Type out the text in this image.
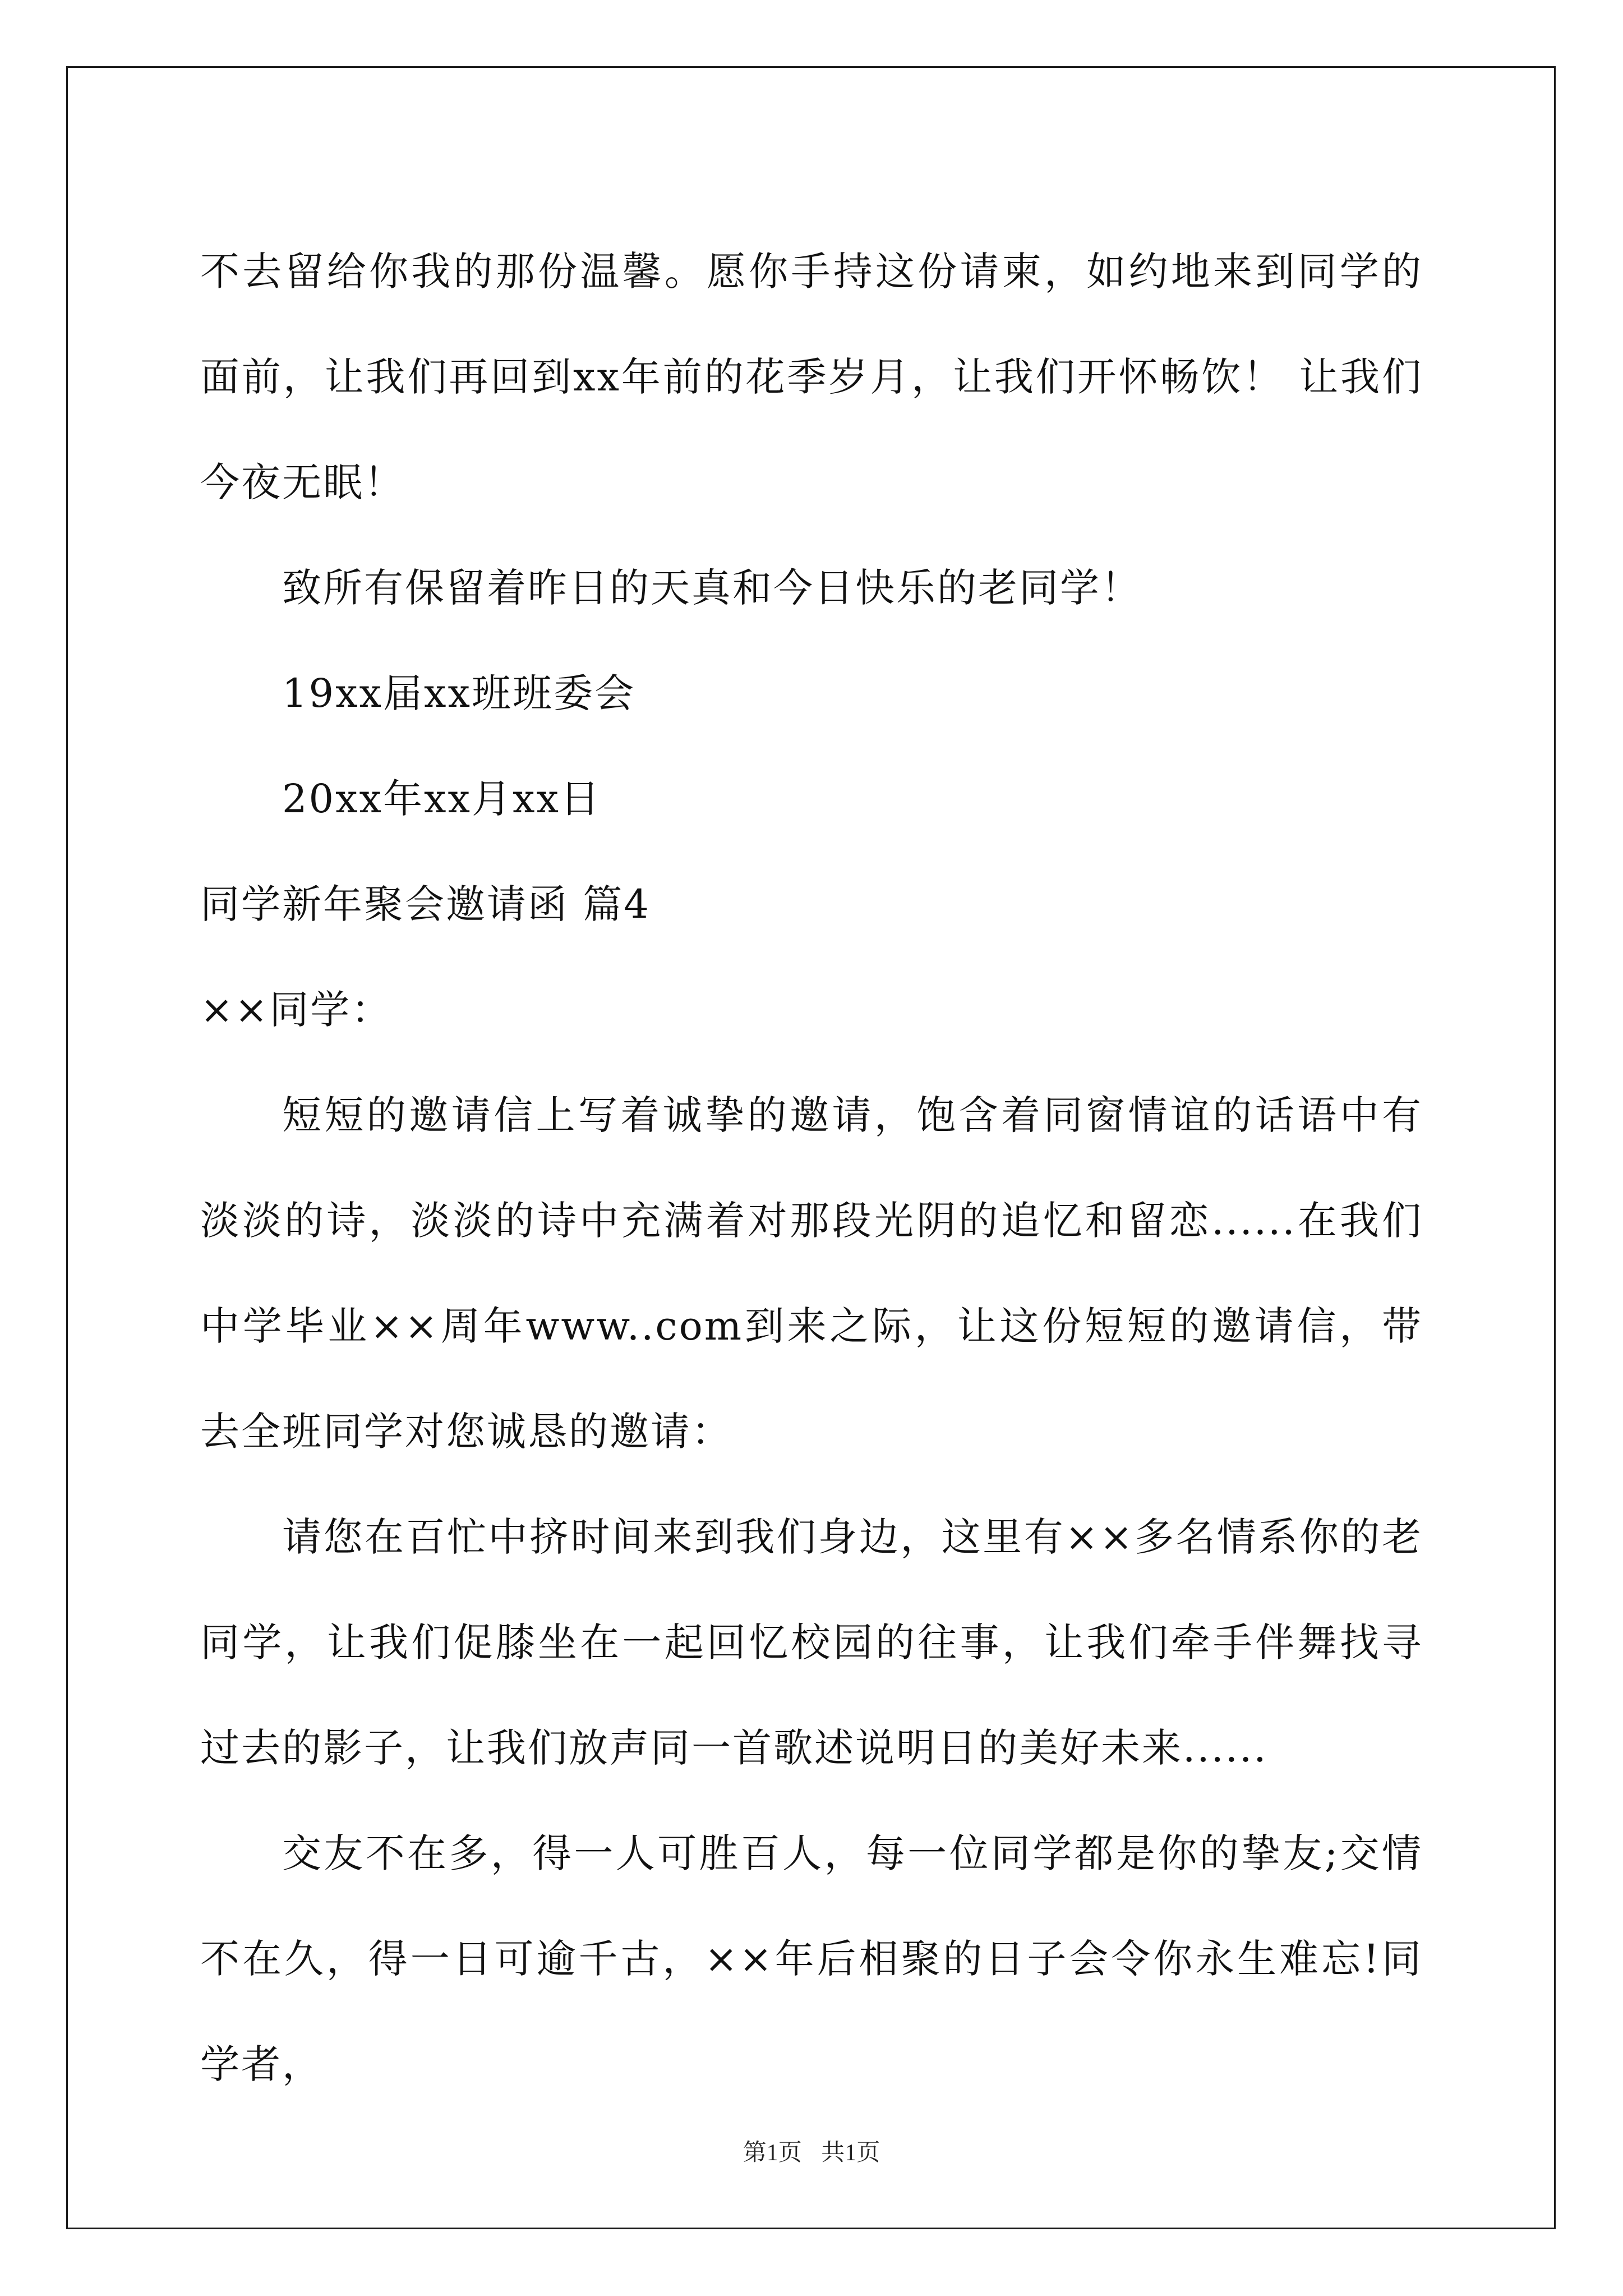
不去留给你我的那份温馨。愿你手持这份请柬，如约地来到同学的面前，让我们再回到xx年前的花季岁月，让我们开怀畅饮！ 让我们今夜无眠！

致所有保留着昨日的天真和今日快乐的老同学！

19xx届xx班班委会

20xx年xx月xx日

同学新年聚会邀请函 篇4

××同学：

短短的邀请信上写着诚挚的邀请，饱含着同窗情谊的话语中有淡淡的诗，淡淡的诗中充满着对那段光阴的追忆和留恋......在我们中学毕业××周年www..com到来之际，让这份短短的邀请信，带去全班同学对您诚恳的邀请：

请您在百忙中挤时间来到我们身边，这里有××多名情系你的老同学，让我们促膝坐在一起回忆校园的往事，让我们牵手伴舞找寻过去的影子，让我们放声同一首歌述说明日的美好未来......

交友不在多，得一人可胜百人，每一位同学都是你的挚友;交情不在久，得一日可逾千古，××年后相聚的日子会令你永生难忘!同学者，

第1页 共1页
